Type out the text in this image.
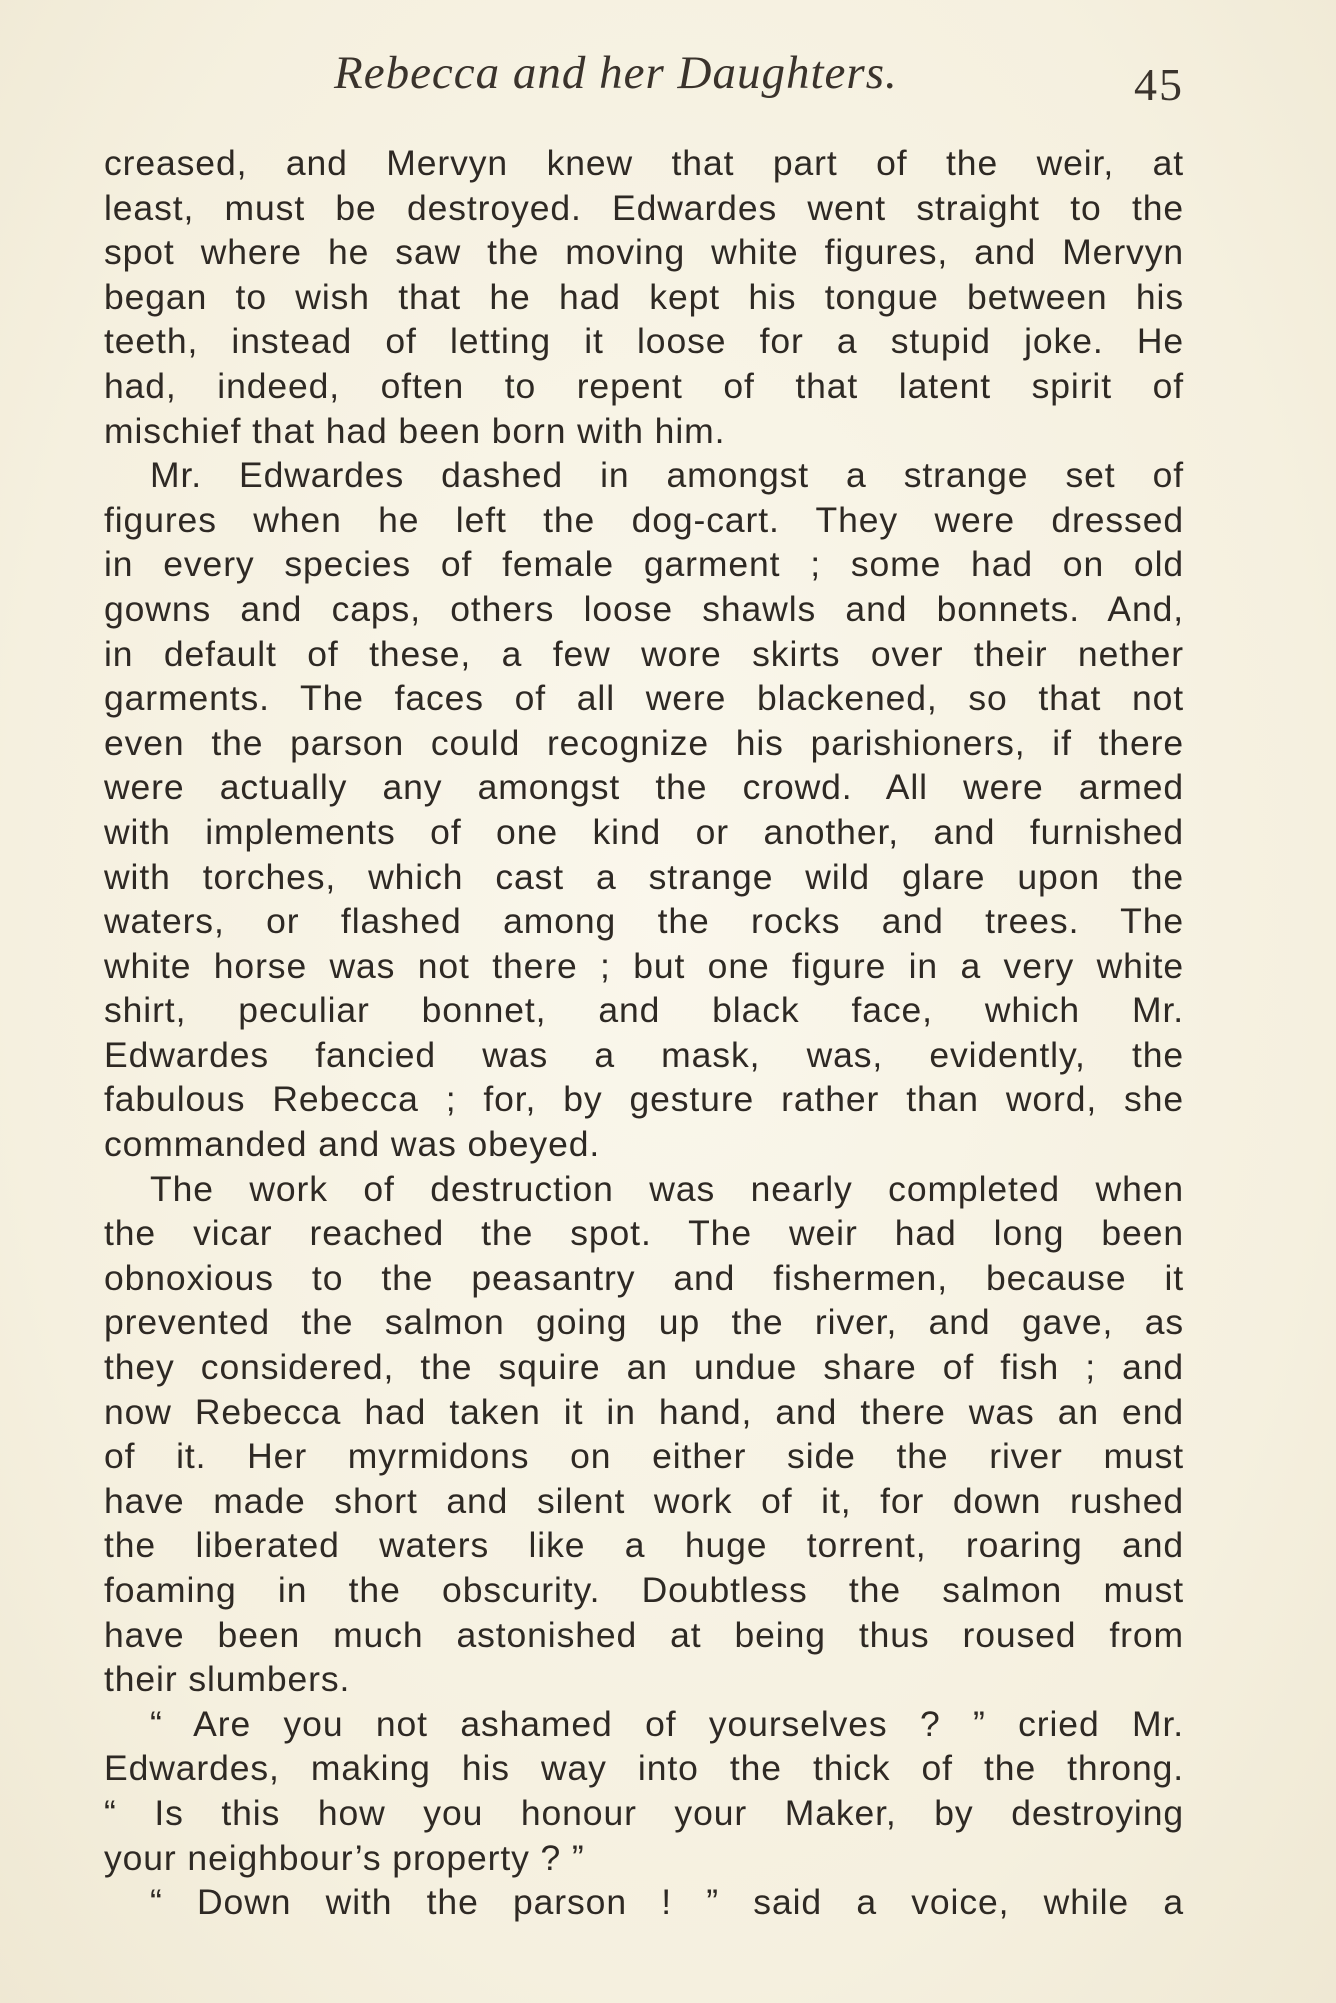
Rebecca and her Daughters.	45
creased, and Mervyn knew that part of the weir, at
least, must be destroyed. Edwardes went straight to the
spot where he saw the moving white figures, and Mervyn
began to wish that he had kept his tongue between his
teeth, instead of letting it loose for a stupid joke. He
had, indeed, often to repent of that latent spirit of
mischief that had been born with him.
Mr. Edwardes dashed in amongst a strange set of
figures when he left the dog-cart. They were dressed
in every species of female garment ; some had on old
gowns and caps, others loose shawls and bonnets. And,
in default of these, a few wore skirts over their nether
garments. The faces of all were blackened, so that not
even the parson could recognize his parishioners, if there
were actually any amongst the crowd. All were armed
with implements of one kind or another, and furnished
with torches, which cast a strange wild glare upon the
waters, or flashed among the rocks and trees. The
white horse was not there ; but one figure in a very white
shirt, peculiar bonnet, and black face, which Mr.
Edwardes fancied was a mask, was, evidently, the
fabulous Rebecca ; for, by gesture rather than word, she
commanded and was obeyed.
The work of destruction was nearly completed when
the vicar reached the spot. The weir had long been
obnoxious to the peasantry and fishermen, because it
prevented the salmon going up the river, and gave, as
they considered, the squire an undue share of fish ; and
now Rebecca had taken it in hand, and there was an end
of it. Her myrmidons on either side the river must
have made short and silent work of it, for down rushed
the liberated waters like a huge torrent, roaring and
foaming in the obscurity. Doubtless the salmon must
have been much astonished at being thus roused from
their slumbers.
“ Are you not ashamed of yourselves ? ” cried Mr.
Edwardes, making his way into the thick of the throng.
“ Is this how you honour your Maker, by destroying
your neighbour’s property ? ”
“ Down with the parson ! ” said a voice, while a
